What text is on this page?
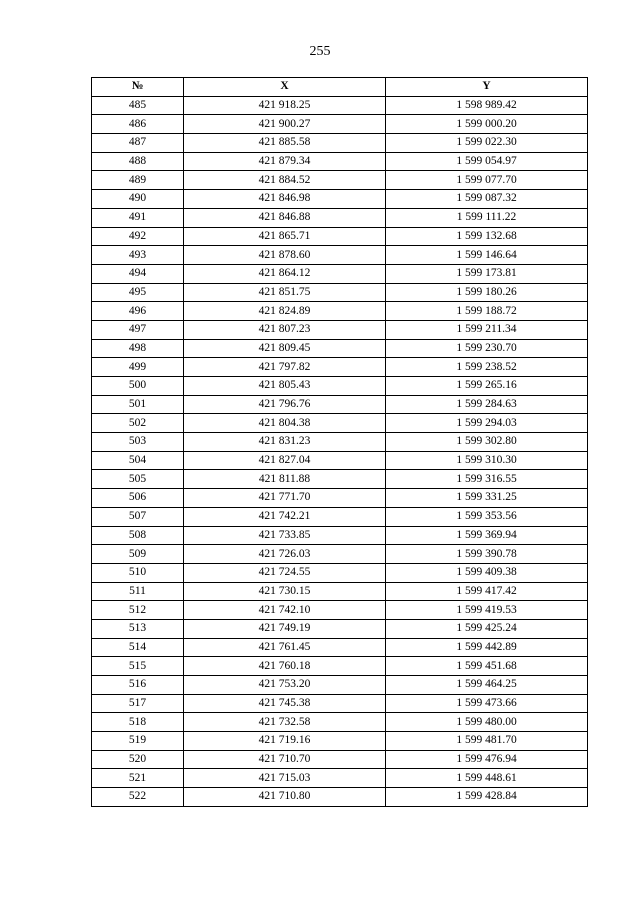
255
№	X	Y
485	421 918.25	1 598 989.42
486	421 900.27	1 599 000.20
487	421 885.58	1 599 022.30
488	421 879.34	1 599 054.97
489	421 884.52	1 599 077.70
490	421 846.98	1 599 087.32
491	421 846.88	1 599 111.22
492	421 865.71	1 599 132.68
493	421 878.60	1 599 146.64
494	421 864.12	1 599 173.81
495	421 851.75	1 599 180.26
496	421 824.89	1 599 188.72
497	421 807.23	1 599 211.34
498	421 809.45	1 599 230.70
499	421 797.82	1 599 238.52
500	421 805.43	1 599 265.16
501	421 796.76	1 599 284.63
502	421 804.38	1 599 294.03
503	421 831.23	1 599 302.80
504	421 827.04	1 599 310.30
505	421 811.88	1 599 316.55
506	421 771.70	1 599 331.25
507	421 742.21	1 599 353.56
508	421 733.85	1 599 369.94
509	421 726.03	1 599 390.78
510	421 724.55	1 599 409.38
511	421 730.15	1 599 417.42
512	421 742.10	1 599 419.53
513	421 749.19	1 599 425.24
514	421 761.45	1 599 442.89
515	421 760.18	1 599 451.68
516	421 753.20	1 599 464.25
517	421 745.38	1 599 473.66
518	421 732.58	1 599 480.00
519	421 719.16	1 599 481.70
520	421 710.70	1 599 476.94
521	421 715.03	1 599 448.61
522	421 710.80	1 599 428.84
